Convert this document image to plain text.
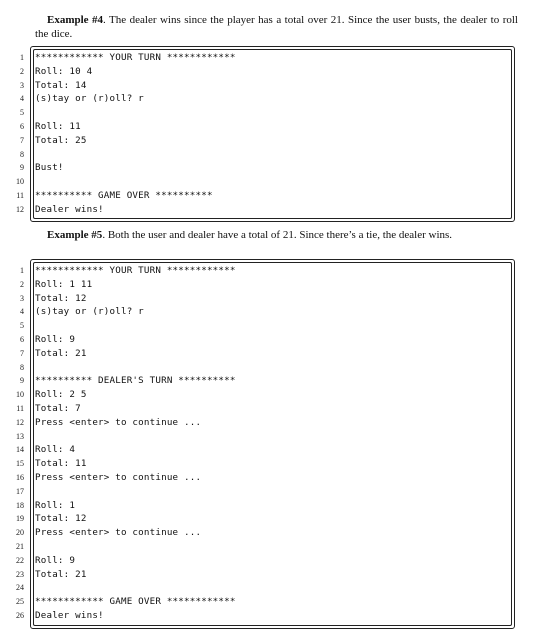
Example #4. The dealer wins since the player has a total over 21. Since the user busts, the dealer to roll the dice.

1 ************ YOUR TURN ************
2 Roll: 10 4
3 Total: 14
4 (s)tay or (r)oll? r
5
6 Roll: 11
7 Total: 25
8
9 Bust!
10
11 ********** GAME OVER **********
12 Dealer wins!

Example #5. Both the user and dealer have a total of 21. Since there’s a tie, the dealer wins.

1 ************ YOUR TURN ************
2 Roll: 1 11
3 Total: 12
4 (s)tay or (r)oll? r
5
6 Roll: 9
7 Total: 21
8
9 ********** DEALER'S TURN **********
10 Roll: 2 5
11 Total: 7
12 Press <enter> to continue ...
13
14 Roll: 4
15 Total: 11
16 Press <enter> to continue ...
17
18 Roll: 1
19 Total: 12
20 Press <enter> to continue ...
21
22 Roll: 9
23 Total: 21
24
25 ************ GAME OVER ************
26 Dealer wins!
